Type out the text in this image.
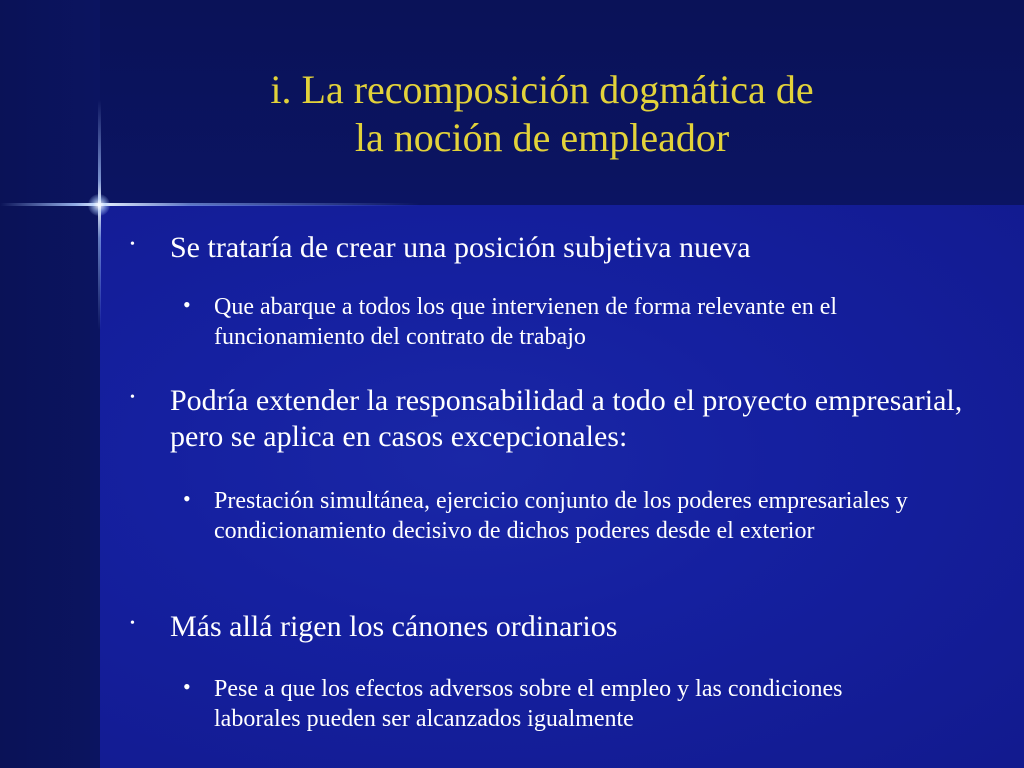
i. La recomposición dogmática de
la noción de empleador
• Se trataría de crear una posición subjetiva nueva
• Que abarque a todos los que intervienen de forma relevante en el funcionamiento del contrato de trabajo
• Podría extender la responsabilidad a todo el proyecto empresarial, pero se aplica en casos excepcionales:
• Prestación simultánea, ejercicio conjunto de los poderes empresariales y condicionamiento decisivo de dichos poderes desde el exterior
• Más allá rigen los cánones ordinarios
• Pese a que los efectos adversos sobre el empleo y las condiciones laborales pueden ser alcanzados igualmente
